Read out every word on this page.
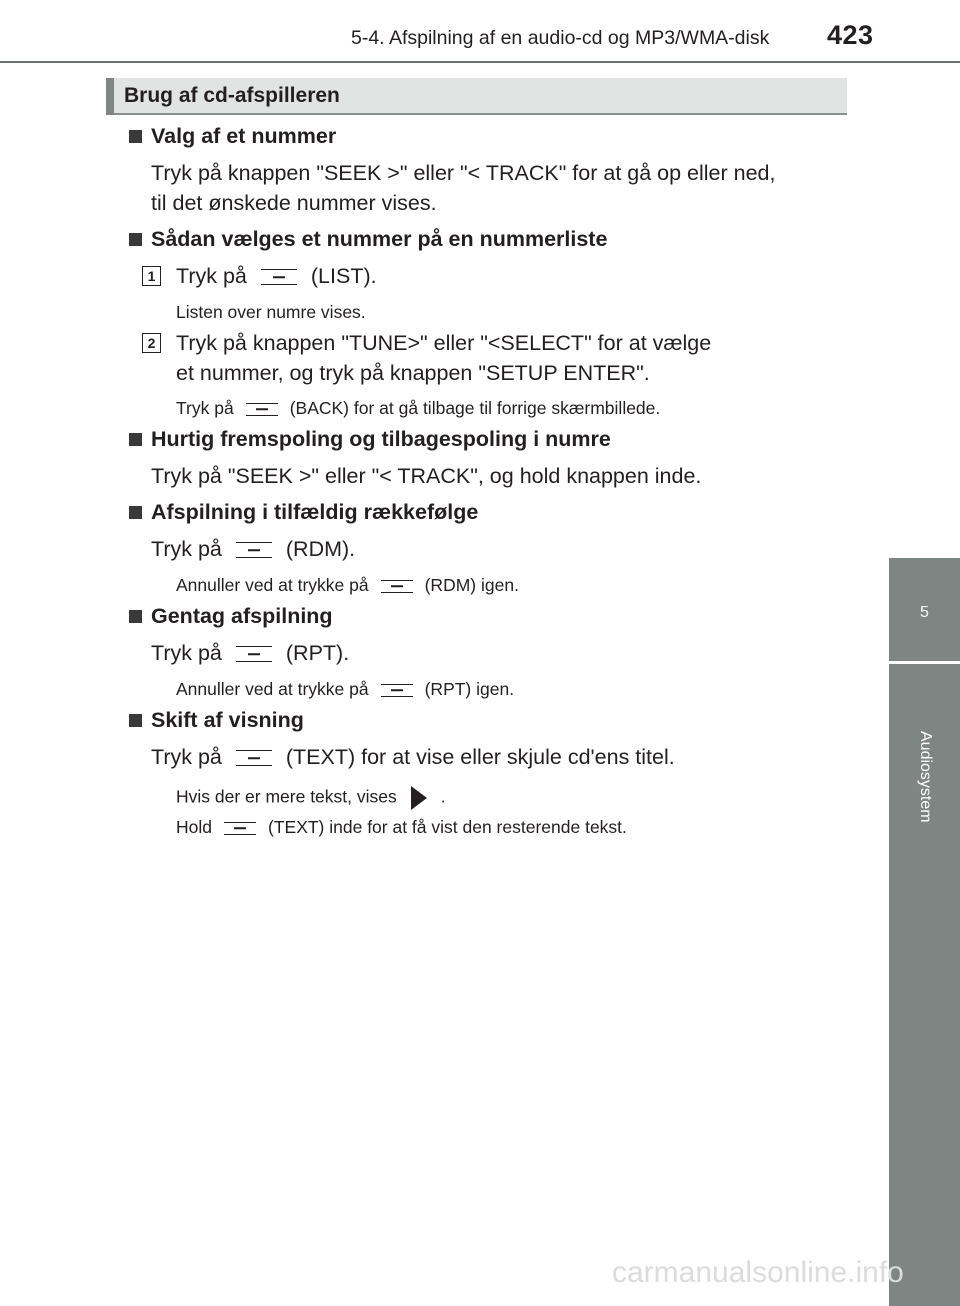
5-4. Afspilning af en audio-cd og MP3/WMA-disk 423
5
Audiosystem
Brug af cd-afspilleren
Valg af et nummer
Tryk på knappen "SEEK >" eller "< TRACK" for at gå op eller ned,
til det ønskede nummer vises.
Sådan vælges et nummer på en nummerliste
1 Tryk på	(LIST).
Listen over numre vises.
2 Tryk på knappen "TUNE>" eller "<SELECT" for at vælge
et nummer, og tryk på knappen "SETUP ENTER".
Tryk på	(BACK) for at gå tilbage til forrige skærmbillede.
Hurtig fremspoling og tilbagespoling i numre
Tryk på "SEEK >" eller "< TRACK", og hold knappen inde.
Afspilning i tilfældig rækkefølge
Tryk på	(RDM).
Annuller ved at trykke på	(RDM) igen.
Gentag afspilning
Tryk på	(RPT).
Annuller ved at trykke på	(RPT) igen.
Skift af visning
Tryk på	(TEXT) for at vise eller skjule cd'ens titel.
Hvis der er mere tekst, vises	.
Hold	(TEXT) inde for at få vist den resterende tekst.
carmanualsonline.info
